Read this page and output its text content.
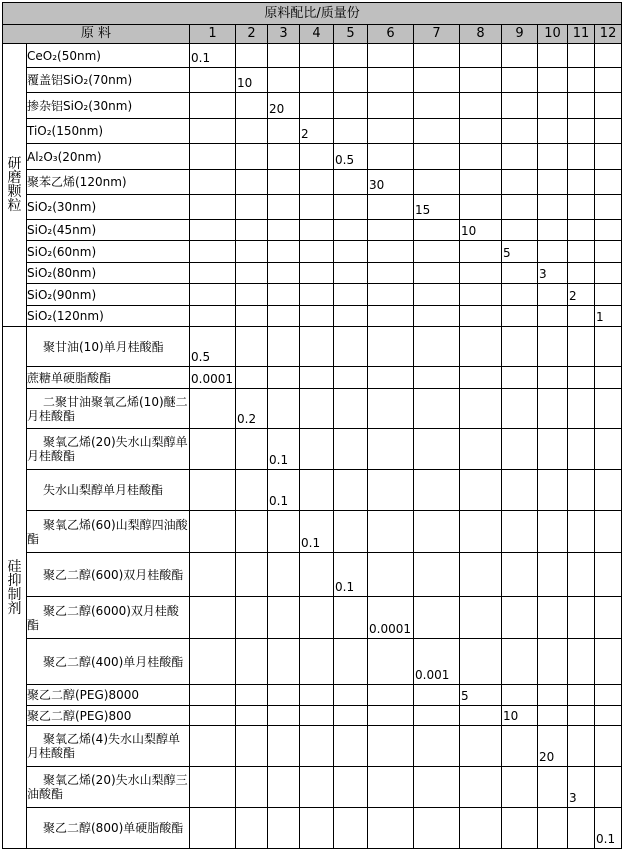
原料配比/质量份													
原 料		1	2	3	4	5	6	7	8	9	10	11	12
研磨颗粒	CeO₂(50nm)	0.1											

	覆盖铝SiO₂(70nm)		10										

	掺杂铝SiO₂(30nm)			20									

	TiO₂(150nm)				2								

	Al₂O₃(20nm)					0.5							

	聚苯乙烯(120nm)						30						

	SiO₂(30nm)							15					

	SiO₂(45nm)								10				

	SiO₂(60nm)									5			

	SiO₂(80nm)										3		

	SiO₂(90nm)											2	

	SiO₂(120nm)												1

硅抑制剂	聚甘油(10)单月桂酸酯	0.5											

	蔗糖单硬脂酸酯	0.0001											

	二聚甘油聚氧乙烯(10)醚二月桂酸酯		0.2										

	聚氧乙烯(20)失水山梨醇单月桂酸酯			0.1									

	失水山梨醇单月桂酸酯			0.1									

	聚氧乙烯(60)山梨醇四油酸酯				0.1								

	聚乙二醇(600)双月桂酸酯					0.1							

	聚乙二醇(6000)双月桂酸酯						0.0001						

	聚乙二醇(400)单月桂酸酯							0.001					

	聚乙二醇(PEG)8000								5				

	聚乙二醇(PEG)800									10			

	聚氧乙烯(4)失水山梨醇单月桂酸酯										20		

	聚氧乙烯(20)失水山梨醇三油酸酯											3	

	聚乙二醇(800)单硬脂酸酯												0.1
